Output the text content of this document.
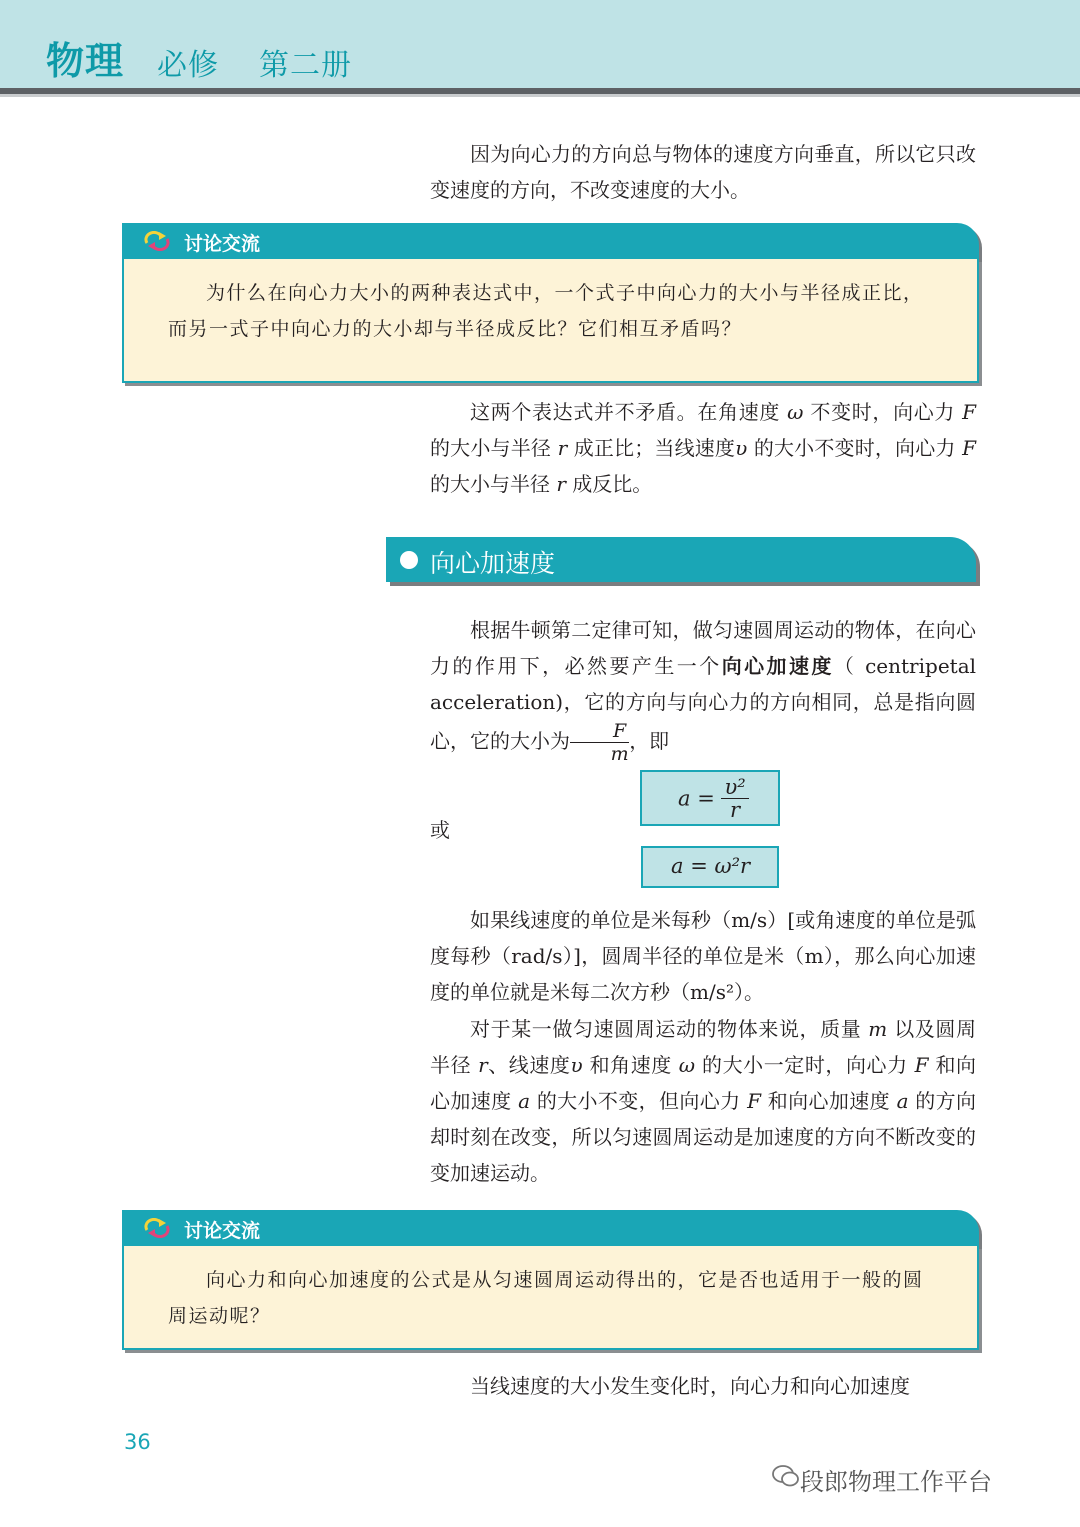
物理 必修 第二册

因为向心力的方向总与物体的速度方向垂直，所以它只改变速度的方向，不改变速度的大小。

讨论交流

为什么在向心力大小的两种表达式中，一个式子中向心力的大小与半径成正比，而另一式子中向心力的大小却与半径成反比？它们相互矛盾吗？

这两个表达式并不矛盾。在角速度 ω 不变时，向心力 F 的大小与半径 r 成正比；当线速度υ 的大小不变时，向心力 F 的大小与半径 r 成反比。

向心加速度

根据牛顿第二定律可知，做匀速圆周运动的物体，在向心力的作用下，必然要产生一个向心加速度（ centripetal acceleration)，它的方向与向心力的方向相同，总是指向圆心，它的大小为 $\frac{F}{m}$ ，即

$a = \frac{\text{υ²}}{r}$

或

a = ω²r

如果线速度的单位是米每秒（m/s）[或角速度的单位是弧度每秒（rad/s）]，圆周半径的单位是米（m），那么向心加速度的单位就是米每二次方秒（m/s²）。

对于某一做匀速圆周运动的物体来说，质量 m 以及圆周半径 r、线速度υ 和角速度 ω 的大小一定时，向心力 F 和向心加速度 a 的大小不变，但向心力 F 和向心加速度 a 的方向却时刻在改变，所以匀速圆周运动是加速度的方向不断改变的变加速运动。

讨论交流

向心力和向心加速度的公式是从匀速圆周运动得出的，它是否也适用于一般的圆周运动呢？

当线速度的大小发生变化时，向心力和向心加速度

36
段郎物理工作平台
